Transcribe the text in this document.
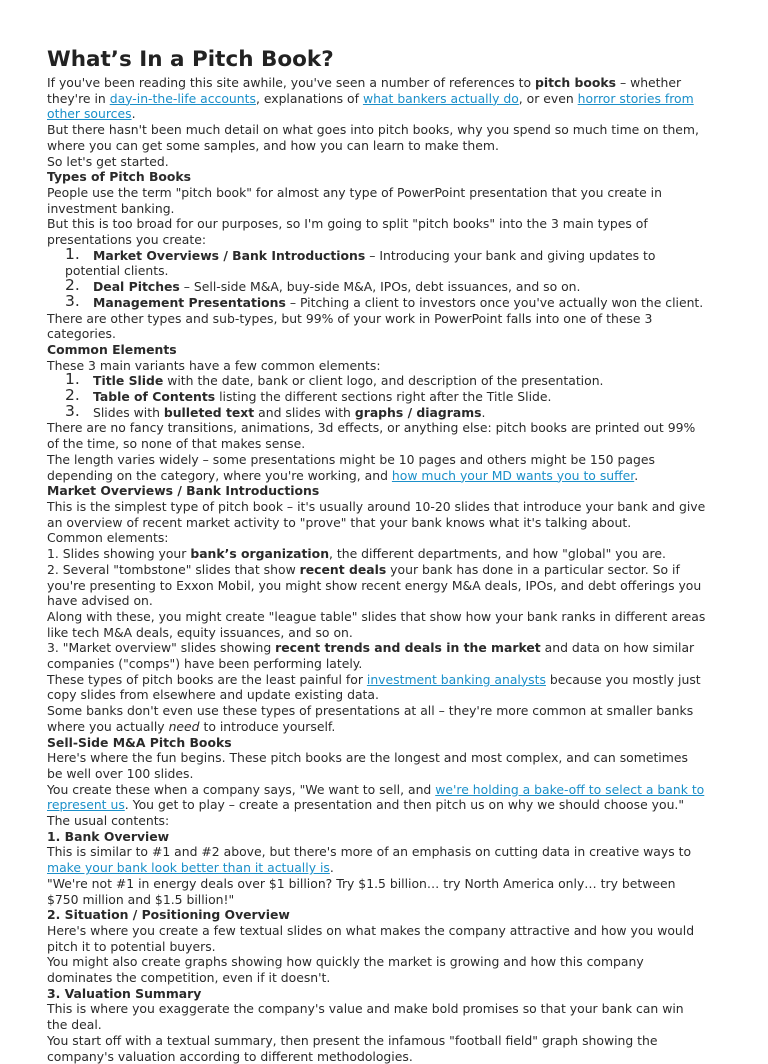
What’s In a Pitch Book?

If you've been reading this site awhile, you've seen a number of references to pitch books – whether they're in day-in-the-life accounts, explanations of what bankers actually do, or even horror stories from other sources.

But there hasn't been much detail on what goes into pitch books, why you spend so much time on them, where you can get some samples, and how you can learn to make them.

So let's get started.

Types of Pitch Books

People use the term "pitch book" for almost any type of PowerPoint presentation that you create in investment banking.

But this is too broad for our purposes, so I'm going to split "pitch books" into the 3 main types of presentations you create:

1. Market Overviews / Bank Introductions – Introducing your bank and giving updates to potential clients.
2. Deal Pitches – Sell-side M&A, buy-side M&A, IPOs, debt issuances, and so on.
3. Management Presentations – Pitching a client to investors once you've actually won the client.

There are other types and sub-types, but 99% of your work in PowerPoint falls into one of these 3 categories.

Common Elements

These 3 main variants have a few common elements:

1. Title Slide with the date, bank or client logo, and description of the presentation.
2. Table of Contents listing the different sections right after the Title Slide.
3. Slides with bulleted text and slides with graphs / diagrams.

There are no fancy transitions, animations, 3d effects, or anything else: pitch books are printed out 99% of the time, so none of that makes sense.

The length varies widely – some presentations might be 10 pages and others might be 150 pages depending on the category, where you're working, and how much your MD wants you to suffer.

Market Overviews / Bank Introductions

This is the simplest type of pitch book – it's usually around 10-20 slides that introduce your bank and give an overview of recent market activity to "prove" that your bank knows what it's talking about.

Common elements:

1. Slides showing your bank’s organization, the different departments, and how "global" you are.

2. Several "tombstone" slides that show recent deals your bank has done in a particular sector. So if you're presenting to Exxon Mobil, you might show recent energy M&A deals, IPOs, and debt offerings you have advised on.

Along with these, you might create "league table" slides that show how your bank ranks in different areas like tech M&A deals, equity issuances, and so on.

3. "Market overview" slides showing recent trends and deals in the market and data on how similar companies ("comps") have been performing lately.

These types of pitch books are the least painful for investment banking analysts because you mostly just copy slides from elsewhere and update existing data.

Some banks don't even use these types of presentations at all – they're more common at smaller banks where you actually need to introduce yourself.

Sell-Side M&A Pitch Books

Here's where the fun begins. These pitch books are the longest and most complex, and can sometimes be well over 100 slides.

You create these when a company says, "We want to sell, and we're holding a bake-off to select a bank to represent us. You get to play – create a presentation and then pitch us on why we should choose you."

The usual contents:

1. Bank Overview

This is similar to #1 and #2 above, but there's more of an emphasis on cutting data in creative ways to make your bank look better than it actually is.

"We're not #1 in energy deals over $1 billion? Try $1.5 billion… try North America only… try between $750 million and $1.5 billion!"

2. Situation / Positioning Overview

Here's where you create a few textual slides on what makes the company attractive and how you would pitch it to potential buyers.

You might also create graphs showing how quickly the market is growing and how this company dominates the competition, even if it doesn't.

3. Valuation Summary

This is where you exaggerate the company's value and make bold promises so that your bank can win the deal.

You start off with a textual summary, then present the infamous "football field" graph showing the company's valuation according to different methodologies.
